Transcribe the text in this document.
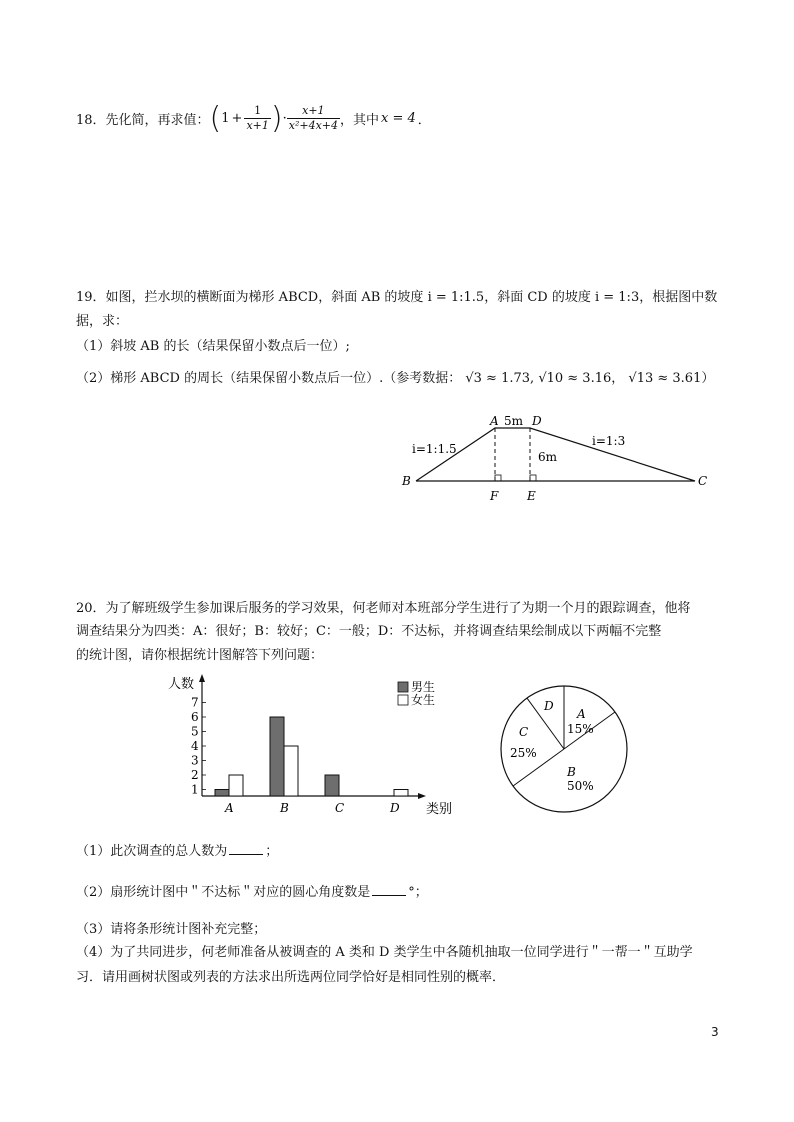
18．先化简，再求值： ( $1 + \frac{1}{x+1}$ ) · $\frac{x+1}{\text{x²+4x+4}}$ ，其中 x = 4 ．
19．如图，拦水坝的横断面为梯形 ABCD，斜面 AB 的坡度 i = 1:1.5，斜面 CD 的坡度 i = 1:3，根据图中数
据，求：
（1）斜坡 AB 的长（结果保留小数点后一位）;
（2）梯形 ABCD 的周长（结果保留小数点后一位）.（参考数据： √3 ≈ 1.73, √10 ≈ 3.16， √13 ≈ 3.61）
A	D
5m
6m
i=1:1.5
i=1:3
B	C
F E
20．为了解班级学生参加课后服务的学习效果，何老师对本班部分学生进行了为期一个月的跟踪调查，他将
调查结果分为四类：A：很好；B：较好；C：一般；D：不达标，并将调查结果绘制成以下两幅不完整
的统计图，请你根据统计图解答下列问题：
1
2
3
4
5
6
7
A	B	C	D
人数
类别
男生
女生
A
15%
D
C
25%
B
50%
（1）此次调查的总人数为	；
（2）扇形统计图中＂不达标＂对应的圆心角度数是	°；
（3）请将条形统计图补充完整；
（4）为了共同进步，何老师准备从被调查的 A 类和 D 类学生中各随机抽取一位同学进行＂一帮一＂互助学
习．请用画树状图或列表的方法求出所选两位同学恰好是相同性别的概率．
3
